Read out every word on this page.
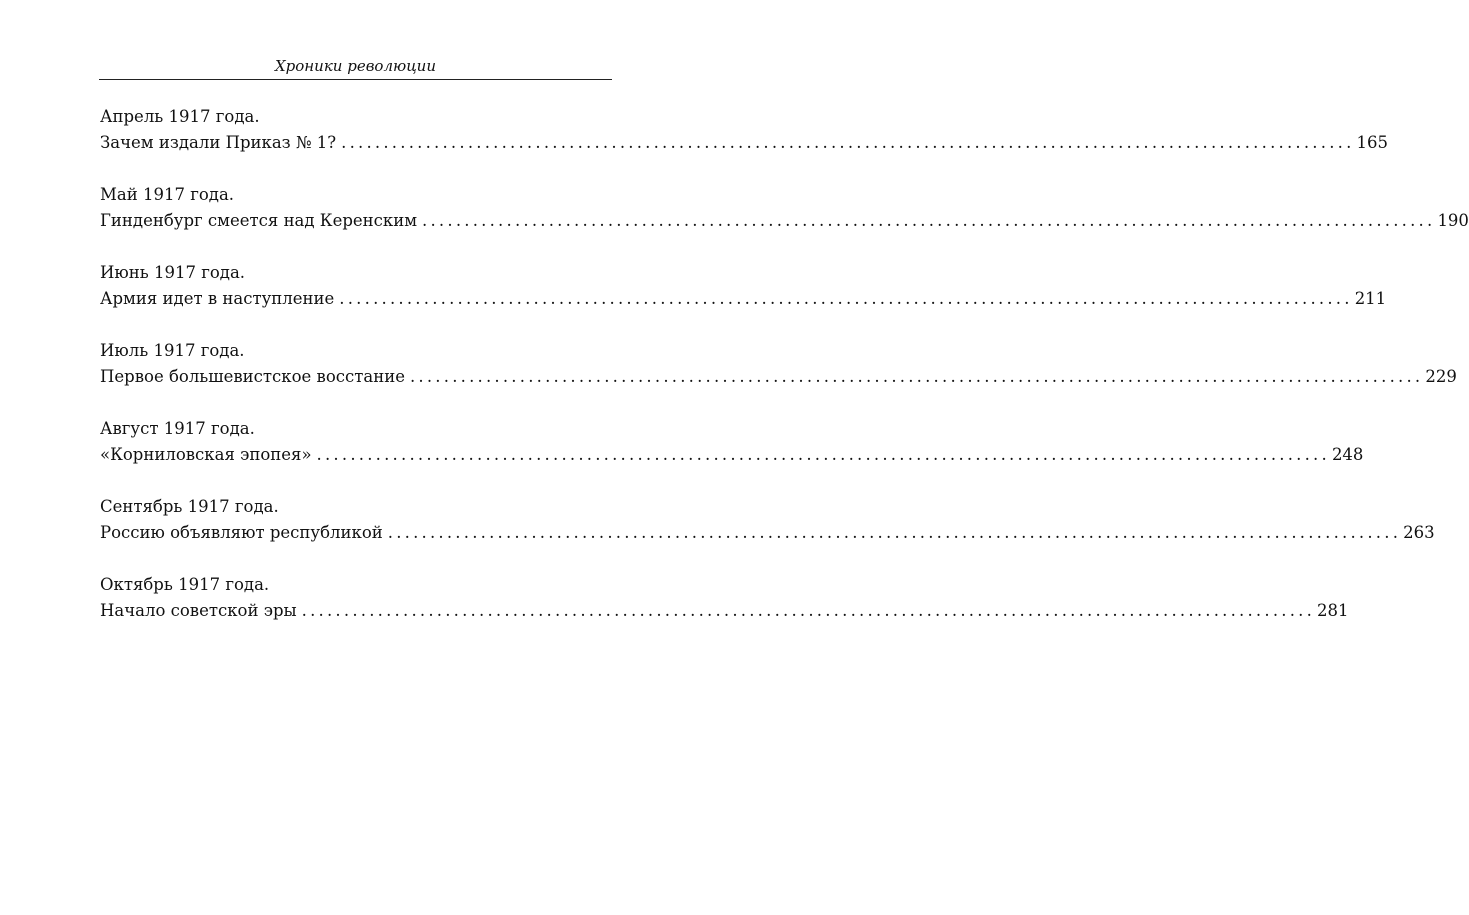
Хроники революции
Апрель 1917 года.
Зачем издали Приказ № 1? ........................................................................................................................ 165
Май 1917 года.
Гинденбург смеется над Керенским ........................................................................................................................ 190
Июнь 1917 года.
Армия идет в наступление ........................................................................................................................ 211
Июль 1917 года.
Первое большевистское восстание ........................................................................................................................ 229
Август 1917 года.
«Корниловская эпопея» ........................................................................................................................ 248
Сентябрь 1917 года.
Россию объявляют республикой ........................................................................................................................ 263
Октябрь 1917 года.
Начало советской эры ........................................................................................................................ 281
